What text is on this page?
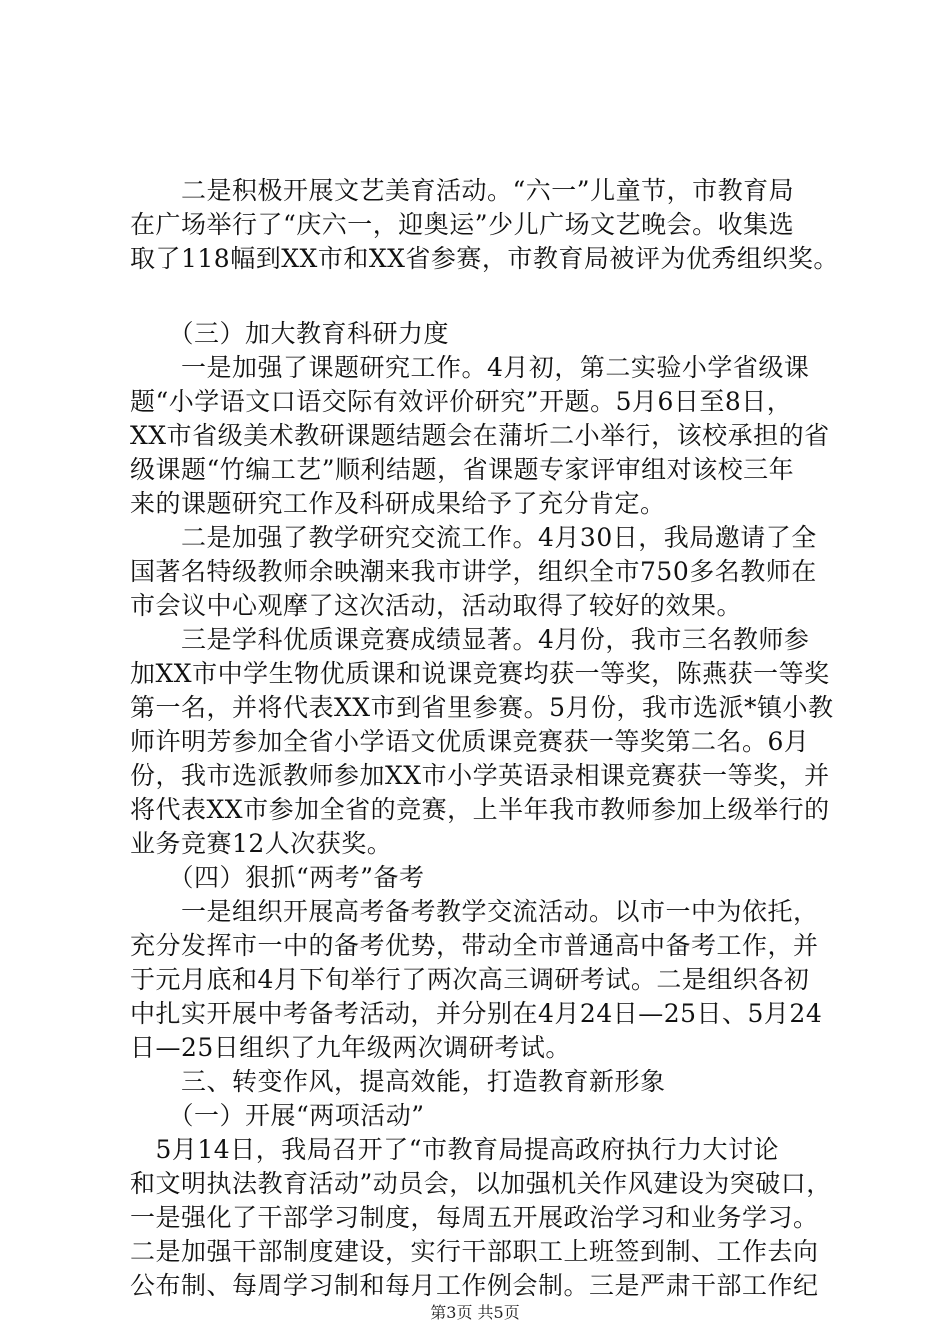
　　二是积极开展文艺美育活动。“六一”儿童节，市教育局
在广场举行了“庆六一，迎奥运”少儿广场文艺晚会。收集选
取了118幅到XX市和XX省参赛，市教育局被评为优秀组织奖。
　　（三）加大教育科研力度
　　一是加强了课题研究工作。4月初，第二实验小学省级课
题“小学语文口语交际有效评价研究”开题。5月6日至8日，
XX市省级美术教研课题结题会在蒲圻二小举行，该校承担的省
级课题“竹编工艺”顺利结题，省课题专家评审组对该校三年
来的课题研究工作及科研成果给予了充分肯定。
　　二是加强了教学研究交流工作。4月30日，我局邀请了全
国著名特级教师余映潮来我市讲学，组织全市750多名教师在
市会议中心观摩了这次活动，活动取得了较好的效果。
　　三是学科优质课竞赛成绩显著。4月份，我市三名教师参
加XX市中学生物优质课和说课竞赛均获一等奖，陈燕获一等奖
第一名，并将代表XX市到省里参赛。5月份，我市选派*镇小教
师许明芳参加全省小学语文优质课竞赛获一等奖第二名。6月
份，我市选派教师参加XX市小学英语录相课竞赛获一等奖，并
将代表XX市参加全省的竞赛，上半年我市教师参加上级举行的
业务竞赛12人次获奖。
　　（四）狠抓“两考”备考
　　一是组织开展高考备考教学交流活动。以市一中为依托，
充分发挥市一中的备考优势，带动全市普通高中备考工作，并
于元月底和4月下旬举行了两次高三调研考试。二是组织各初
中扎实开展中考备考活动，并分别在4月24日—25日、5月24
日—25日组织了九年级两次调研考试。
　　三、转变作风，提高效能，打造教育新形象
　　（一）开展“两项活动”
　5月14日，我局召开了“市教育局提高政府执行力大讨论
和文明执法教育活动”动员会，以加强机关作风建设为突破口，
一是强化了干部学习制度，每周五开展政治学习和业务学习。
二是加强干部制度建设，实行干部职工上班签到制、工作去向
公布制、每周学习制和每月工作例会制。三是严肃干部工作纪
第3页 共5页
